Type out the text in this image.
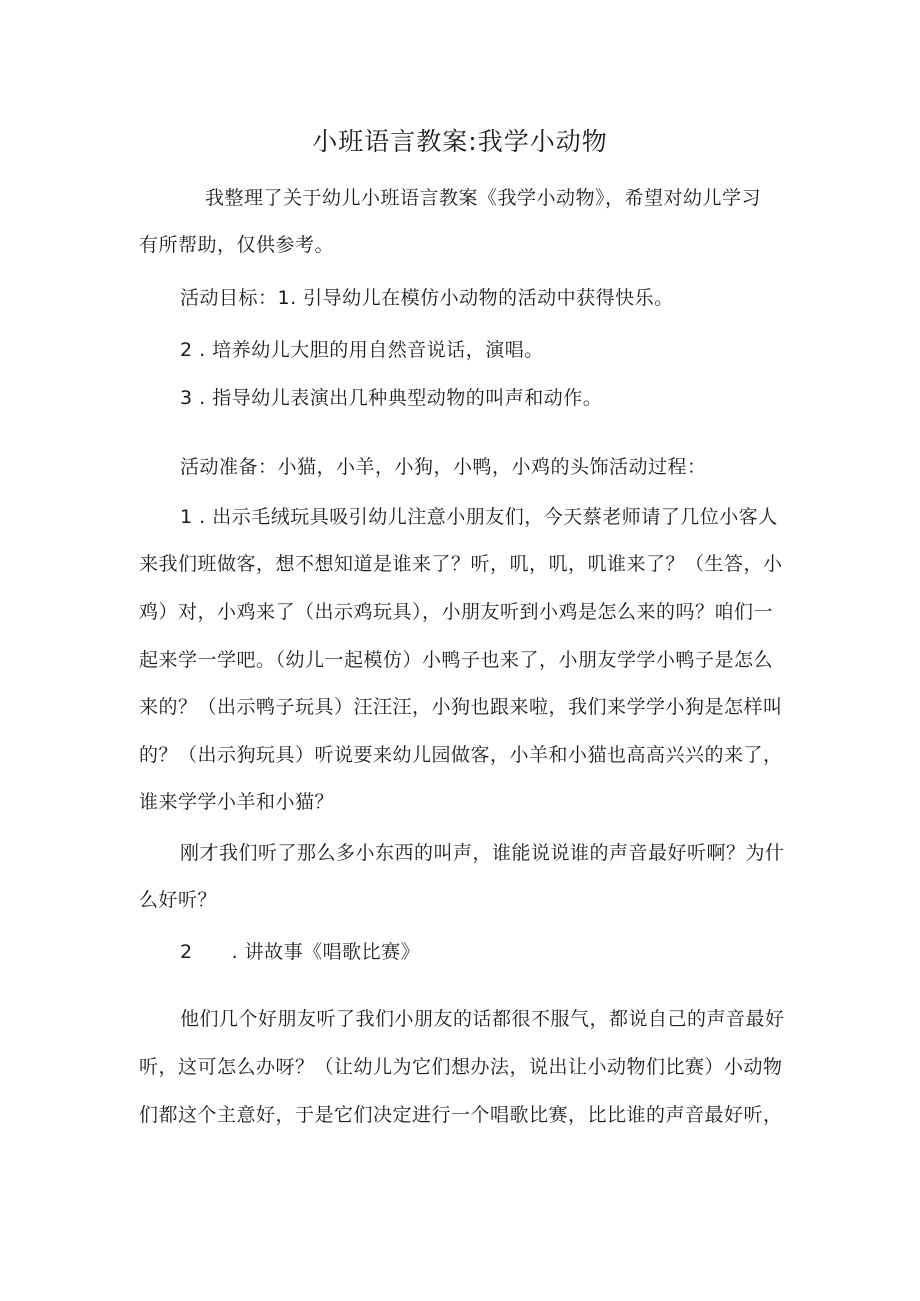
小班语言教案:我学小动物
我整理了关于幼儿小班语言教案《我学小动物》，希望对幼儿学习
有所帮助，仅供参考。
活动目标：1. 引导幼儿在模仿小动物的活动中获得快乐。
2 . 培养幼儿大胆的用自然音说话，演唱。
3 . 指导幼儿表演出几种典型动物的叫声和动作。
活动准备：小猫，小羊，小狗，小鸭，小鸡的头饰活动过程：
1 . 出示毛绒玩具吸引幼儿注意小朋友们，今天蔡老师请了几位小客人
来我们班做客，想不想知道是谁来了？听，叽，叽，叽谁来了？（生答，小
鸡）对，小鸡来了（出示鸡玩具），小朋友听到小鸡是怎么来的吗？咱们一
起来学一学吧。（幼儿一起模仿）小鸭子也来了，小朋友学学小鸭子是怎么
来的？（出示鸭子玩具）汪汪汪，小狗也跟来啦，我们来学学小狗是怎样叫
的？（出示狗玩具）听说要来幼儿园做客，小羊和小猫也高高兴兴的来了，
谁来学学小羊和小猫？
刚才我们听了那么多小东西的叫声，谁能说说谁的声音最好听啊？为什
么好听？
2　　. 讲故事《唱歌比赛》
他们几个好朋友听了我们小朋友的话都很不服气，都说自己的声音最好
听，这可怎么办呀？（让幼儿为它们想办法，说出让小动物们比赛）小动物
们都这个主意好，于是它们决定进行一个唱歌比赛，比比谁的声音最好听，
